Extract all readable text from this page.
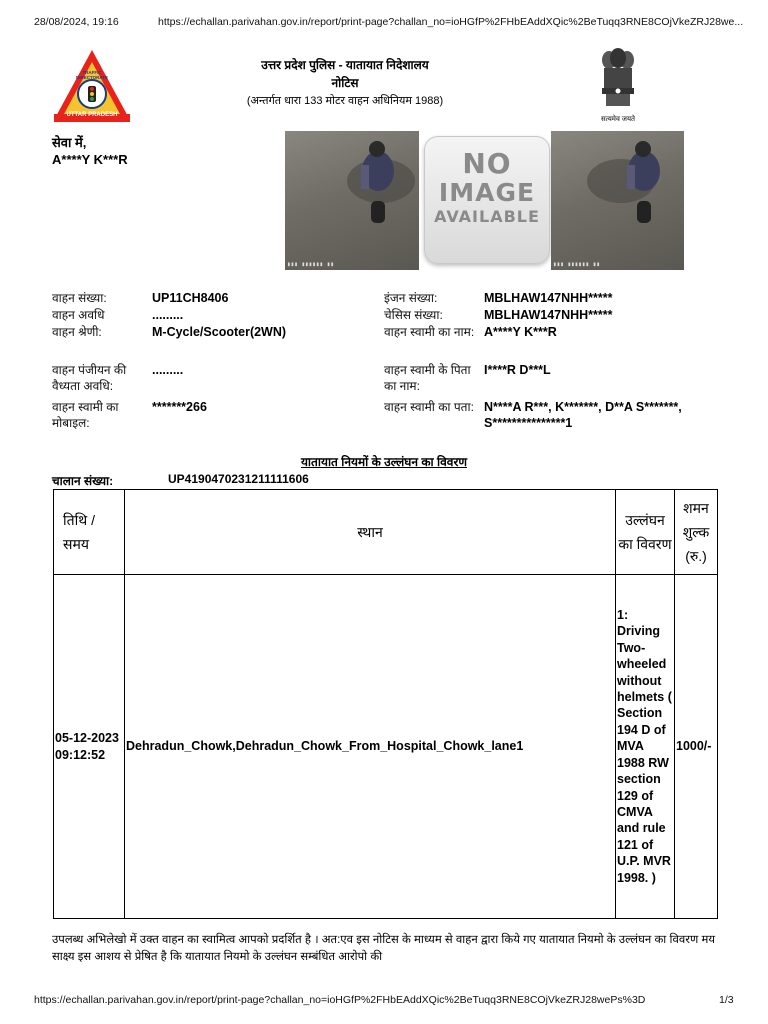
28/08/2024, 19:16	https://echallan.parivahan.gov.in/report/print-page?challan_no=ioHGfP%2FHbEAddXQic%2BeTuqq3RNE8COjVkeZRJ28we...
UTTAR PRADESH
TRAFFIC DIRECTORATE
उत्तर प्रदेश पुलिस - यातायात निदेशालय
नोटिस
(अन्तर्गत धारा 133 मोटर वाहन अधिनियम 1988)
सत्यमेव जयते
सेवा में,
A****Y K***R
▮▮▮ ▮▮▮▮▮▮ ▮▮
NO
IMAGE
AVAILABLE
▮▮▮ ▮▮▮▮▮▮ ▮▮
वाहन संख्या:	UP11CH8406
वाहन अवधि	.........
वाहन श्रेणी:	M-Cycle/Scooter(2WN)
वाहन पंजीयन की वैध्यता अवधि:
.........
वाहन स्वामी का मोबाइल:
*******266
इंजन संख्या:	MBLHAW147NHH*****
चेसिस संख्या:	MBLHAW147NHH*****
वाहन स्वामी का नाम: A****Y K***R
वाहन स्वामी के पिता का नाम:
I****R D***L
वाहन स्वामी का पता: N****A R***, K*******, D**A S*******, S***************1
यातायात नियमों के उल्लंघन का विवरण
चालान संख्या:	UP4190470231211111606
तिथि / समय	स्थान	उल्लंघन का विवरण	शमन शुल्क (रु.)
05-12-2023 09:12:52	Dehradun_Chowk,Dehradun_Chowk_From_Hospital_Chowk_lane1	1: Driving Two-wheeled without helmets ( Section 194 D of MVA 1988 RW section 129 of CMVA and rule 121 of U.P. MVR 1998. )	1000/-
उपलब्ध अभिलेखो में उक्त वाहन का स्वामित्व आपको प्रदर्शित है । अत:एव इस नोटिस के माध्यम से वाहन द्वारा किये गए यातायात नियमो के उल्लंघन का विवरण मय साक्ष्य इस आशय से प्रेषित है कि यातायात नियमो के उल्लंघन सम्बंधित आरोपो की
https://echallan.parivahan.gov.in/report/print-page?challan_no=ioHGfP%2FHbEAddXQic%2BeTuqq3RNE8COjVkeZRJ28wePs%3D	1/3
